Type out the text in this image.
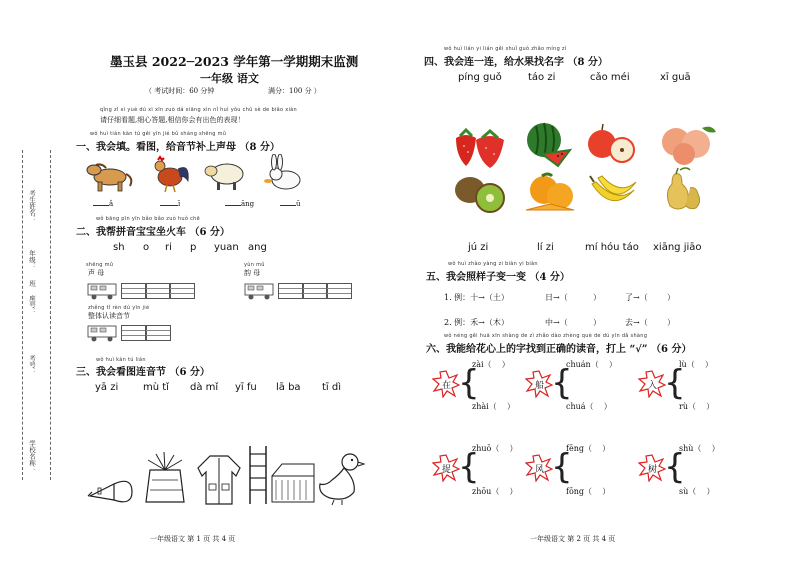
考生姓名：
年级：
班
座号：
考号：
学校名称：
墨玉县 2022─2023 学年第一学期期末监测
一年级 语文
（ 考试时间：60 分钟	满分：100 分 ）
qǐng zǐ xì yuè dú xì xīn zuò dá xiāng xìn nǐ huì yǒu chū sè de biǎo xiàn
请仔细看题,细心答题,相信你会有出色的表现！
wǒ huì tián kàn tú gěi yīn jié bǔ shàng shēng mǔ
一、我会填。看图，给音节补上声母 （8 分）
ǎ	ī	āng	ū
wǒ bāng pīn yīn bǎo bǎo zuò huǒ chē
二、我帮拼音宝宝坐火车 （6 分）
sh o ri p yuan ang
shēng mǔ
声 母
yùn mǔ
韵 母
zhěng tǐ rèn dú yīn jié
整体认读音节
wǒ huì kàn tú lián
三、我会看图连音节 （6 分）
yā zi mù tǐ dà mǐ yī fu lā ba tī dì
一年级语文 第 1 页 共 4 页
wǒ huì lián yi lián gěi shuǐ guǒ zhǎo míng zì
四、我会连一连，给水果找名字 （8 分）
píng guǒ	táo zi	cǎo méi	xī guā
jú zi	lí zi	mí hóu táo xiāng jiāo
wǒ huì zhào yàng zi biàn yi biàn
五、我会照样子变一变 （4 分）
1. 例：十→（土）	日→（	）	了→（ ）
2. 例：禾→（木）	中→（	）	去→（ ）
wǒ néng gěi huā xīn shàng de zì zhǎo dào zhèng què de dú yīn dǎ shàng
六、我能给花心上的字找到正确的读音，打上 “√” （6 分）
在 {
zài（ ）
zhài（ ）
船 {
chuán（ ）
chuá（ ）
入 {
lù（ ）
rù（ ）
捉 {
zhuō（ ）
zhōu（ ）
风 {
fēng（ ）
fōng（ ）
树 {
shù（ ）
sù（ ）
一年级语文 第 2 页 共 4 页
